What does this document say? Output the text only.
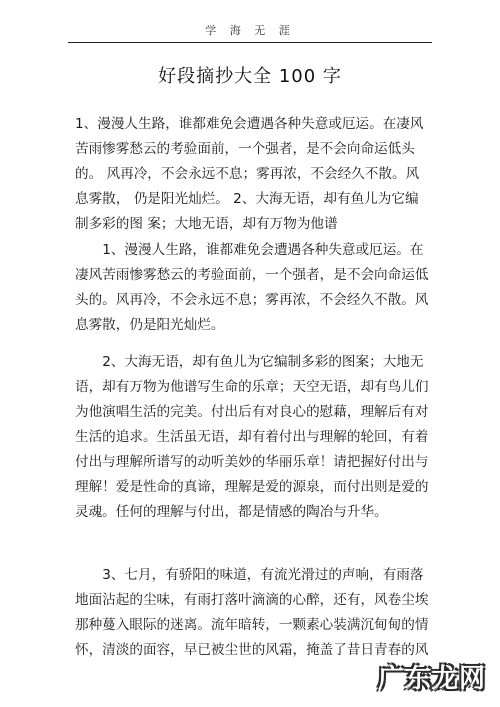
学 海 无 涯
好段摘抄大全 100 字

1、漫漫人生路，谁都难免会遭遇各种失意或厄运。在凄风苦雨惨雾愁云的考验面前，一个强者，是不会向命运低头的。 风再冷，不会永远不息；雾再浓，不会经久不散。风息雾散， 仍是阳光灿烂。 2、大海无语，却有鱼儿为它编制多彩的图 案；大地无语，却有万物为他谱

1、漫漫人生路，谁都难免会遭遇各种失意或厄运。在凄风苦雨惨雾愁云的考验面前，一个强者，是不会向命运低头的。风再冷，不会永远不息；雾再浓，不会经久不散。风 息雾散，仍是阳光灿烂。

2、大海无语，却有鱼儿为它编制多彩的图案；大地无语，却有万物为他谱写生命的乐章；天空无语，却有鸟儿们 为他演唱生活的完美。付出后有对良心的慰藉，理解后有对 生活的追求。生活虽无语，却有着付出与理解的轮回，有着 付出与理解所谱写的动听美妙的华丽乐章！请把握好付出与 理解！爱是性命的真谛，理解是爱的源泉，而付出则是爱的 灵魂。任何的理解与付出，都是情感的陶冶与升华。

3、七月，有骄阳的味道，有流光滑过的声响，有雨落地面沾起的尘味，有雨打落叶滴滴的心醉，还有，风卷尘埃那种蔓入眼际的迷离。流年暗转，一颗素心装满沉甸甸的情怀，清淡的面容，早已被尘世的风霜，掩盖了昔日青春的风

广东龙网
